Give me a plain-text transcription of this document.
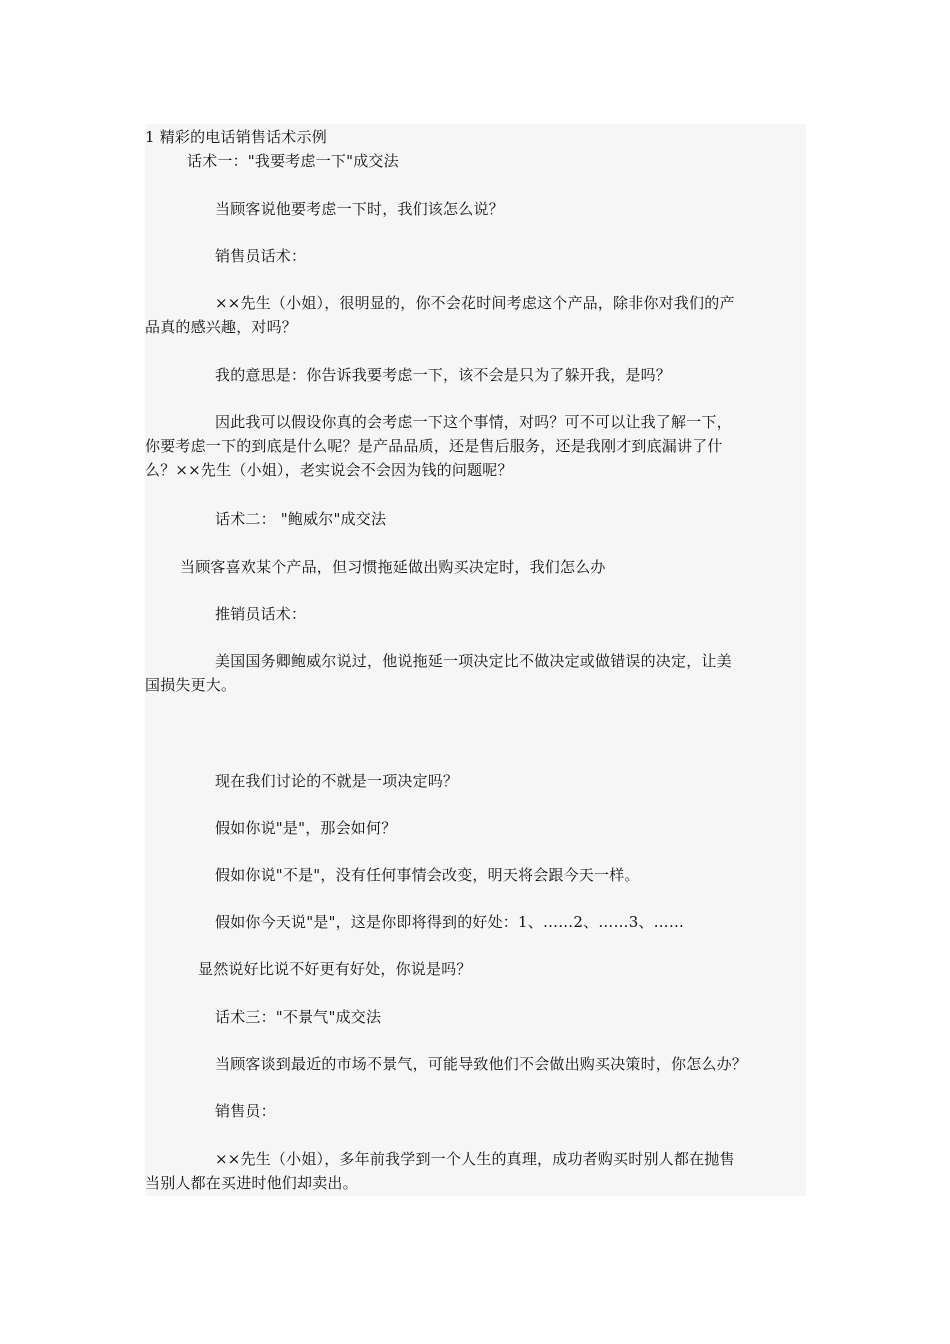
1 精彩的电话销售话术示例
话术一："我要考虑一下"成交法
当顾客说他要考虑一下时，我们该怎么说？
销售员话术：
××先生（小姐），很明显的，你不会花时间考虑这个产品，除非你对我们的产
品真的感兴趣，对吗？
我的意思是：你告诉我要考虑一下，该不会是只为了躲开我，是吗？
因此我可以假设你真的会考虑一下这个事情，对吗？可不可以让我了解一下，
你要考虑一下的到底是什么呢？是产品品质，还是售后服务，还是我刚才到底漏讲了什
么？××先生（小姐），老实说会不会因为钱的问题呢？
话术二： "鲍威尔"成交法
当顾客喜欢某个产品，但习惯拖延做出购买决定时，我们怎么办
推销员话术：
美国国务卿鲍威尔说过，他说拖延一项决定比不做决定或做错误的决定，让美
国损失更大。
现在我们讨论的不就是一项决定吗？
假如你说"是"，那会如何？
假如你说"不是"，没有任何事情会改变，明天将会跟今天一样。
假如你今天说"是"，这是你即将得到的好处：1、……2、……3、……
显然说好比说不好更有好处，你说是吗？
话术三："不景气"成交法
当顾客谈到最近的市场不景气，可能导致他们不会做出购买决策时，你怎么办？
销售员：
××先生（小姐），多年前我学到一个人生的真理，成功者购买时别人都在抛售
当别人都在买进时他们却卖出。
